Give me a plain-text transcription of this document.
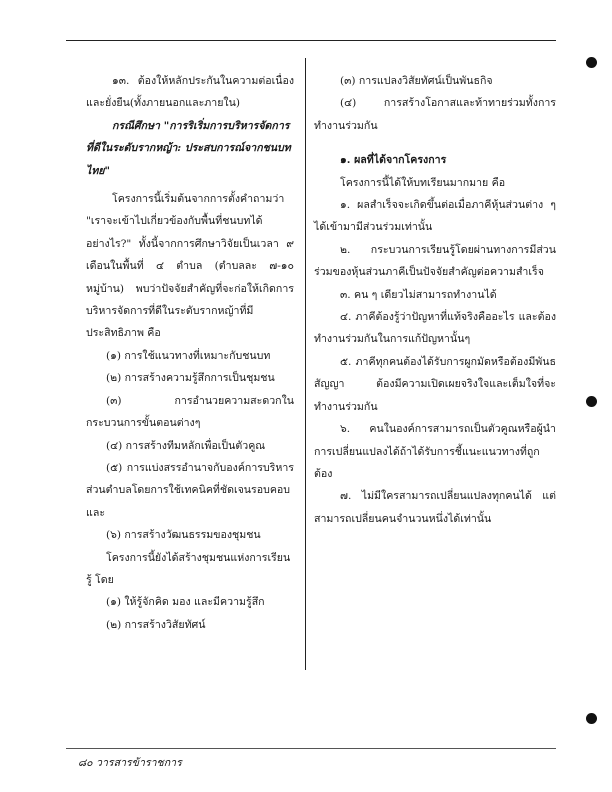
๑๓. ต้องให้หลักประกันในความต่อเนื่องและยั่งยืน(ทั้งภายนอกและภายใน)

กรณีศึกษา "การริเริ่มการบริหารจัดการที่ดีในระดับรากหญ้า: ประสบการณ์จากชนบทไทย"

โครงการนี้เริ่มต้นจากการตั้งคำถามว่า "เราจะเข้าไปเกี่ยวข้องกับพื้นที่ชนบทได้อย่างไร?" ทั้งนี้จากการศึกษาวิจัยเป็นเวลา ๙ เดือนในพื้นที่ ๔ ตำบล (ตำบลละ ๗-๑๐ หมู่บ้าน) พบว่าปัจจัยสำคัญที่จะก่อให้เกิดการบริหารจัดการที่ดีในระดับรากหญ้าที่มีประสิทธิภาพ คือ

(๑) การใช้แนวทางที่เหมาะกับชนบท

(๒) การสร้างความรู้สึกการเป็นชุมชน

(๓) การอำนวยความสะดวกในกระบวนการขั้นตอนต่างๆ

(๔) การสร้างทีมหลักเพื่อเป็นตัวคูณ

(๕) การแบ่งสรรอำนาจกับองค์การบริหารส่วนตำบลโดยการใช้เทคนิคที่ชัดเจนรอบคอบ และ

(๖) การสร้างวัฒนธรรมของชุมชน

โครงการนี้ยังได้สร้างชุมชนแห่งการเรียนรู้ โดย

(๑) ให้รู้จักคิด มอง และมีความรู้สึก

(๒) การสร้างวิสัยทัศน์

(๓) การแปลงวิสัยทัศน์เป็นพันธกิจ

(๔) การสร้างโอกาสและท้าทายร่วมทั้งการทำงานร่วมกัน

๑. ผลที่ได้จากโครงการ

โครงการนี้ได้ให้บทเรียนมากมาย คือ

๑. ผลสำเร็จจะเกิดขึ้นต่อเมื่อภาคีหุ้นส่วนต่าง ๆ ได้เข้ามามีส่วนร่วมเท่านั้น

๒. กระบวนการเรียนรู้โดยผ่านทางการมีส่วนร่วมของหุ้นส่วนภาคีเป็นปัจจัยสำคัญต่อความสำเร็จ

๓. คน ๆ เดียวไม่สามารถทำงานได้

๔. ภาคีต้องรู้ว่าปัญหาที่แท้จริงคืออะไร และต้องทำงานร่วมกันในการแก้ปัญหานั้นๆ

๕. ภาคีทุกคนต้องได้รับการผูกมัดหรือต้องมีพันธสัญญา ต้องมีความเปิดเผยจริงใจและเต็มใจที่จะทำงานร่วมกัน

๖. คนในองค์การสามารถเป็นตัวคูณหรือผู้นำการเปลี่ยนแปลงได้ถ้าได้รับการชี้แนะแนวทางที่ถูกต้อง

๗. ไม่มีใครสามารถเปลี่ยนแปลงทุกคนได้ แต่สามารถเปลี่ยนคนจำนวนหนึ่งได้เท่านั้น

๘๐ วารสารข้าราชการ
